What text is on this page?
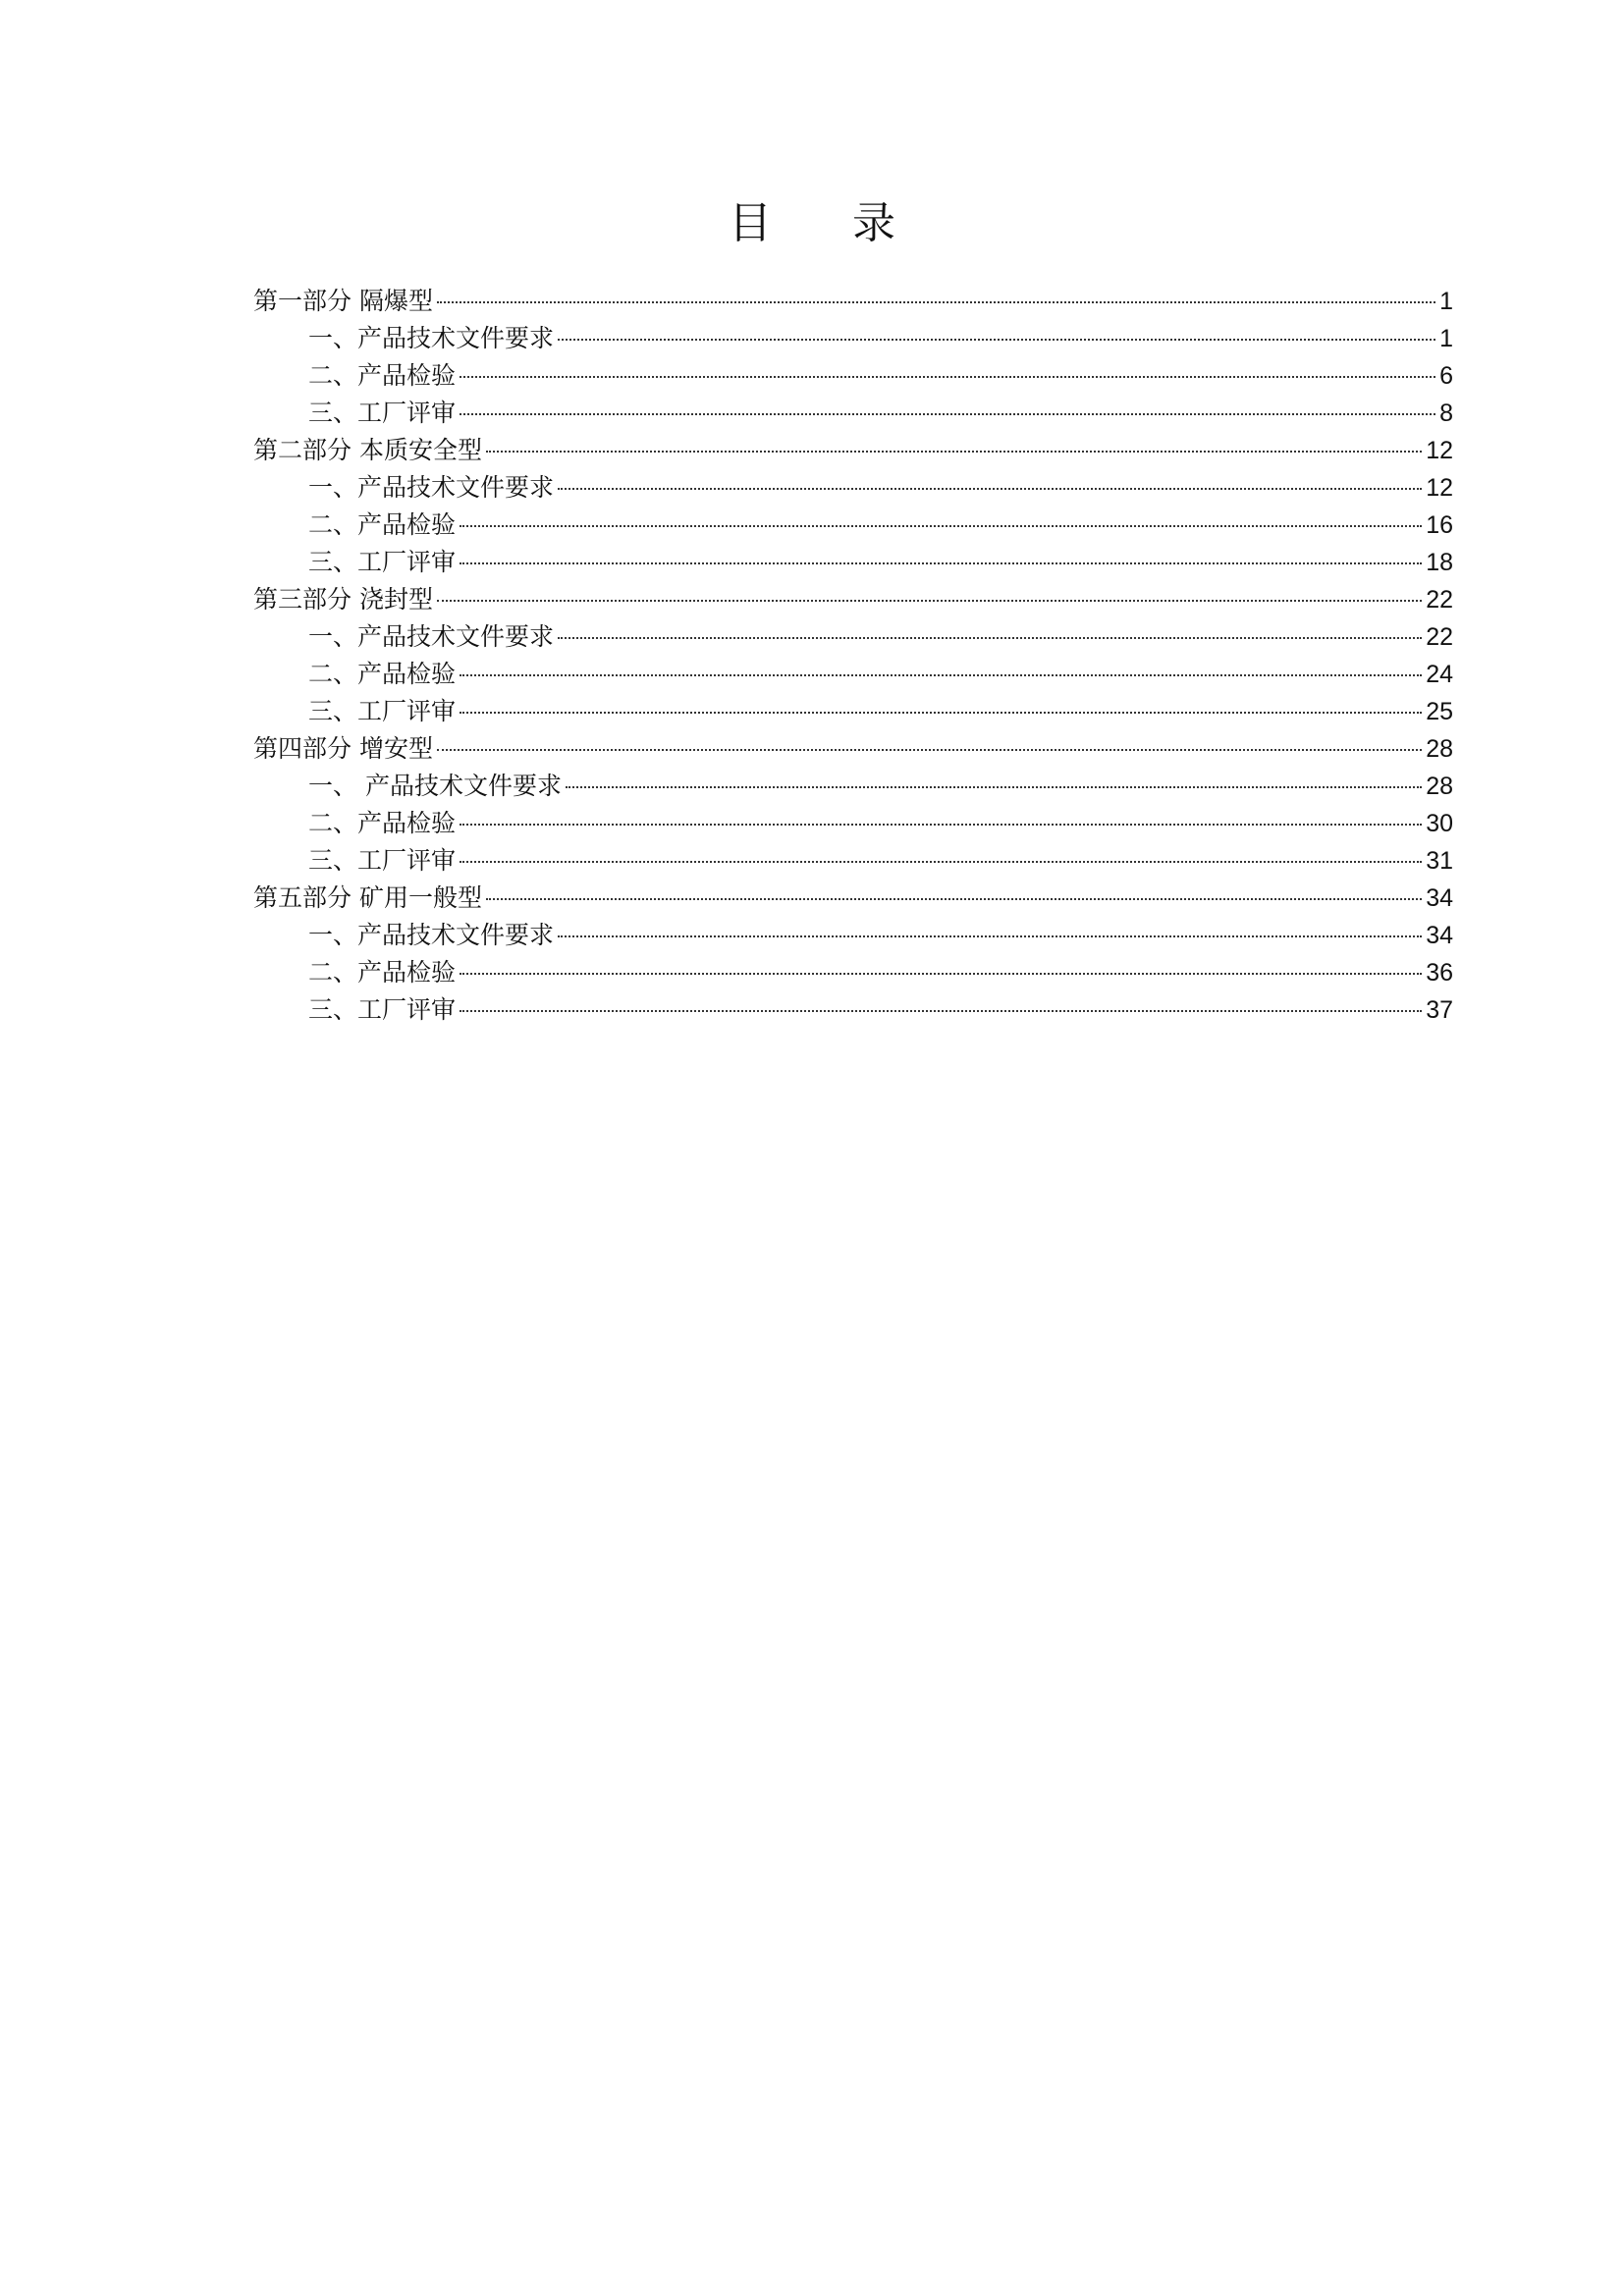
目 录
第一部分 隔爆型	1
一、产品技术文件要求	1
二、产品检验	6
三、工厂评审	8
第二部分 本质安全型	12
一、产品技术文件要求	12
二、产品检验	16
三、工厂评审	18
第三部分 浇封型	22
一、产品技术文件要求	22
二、产品检验	24
三、工厂评审	25
第四部分 增安型	28
一、 产品技术文件要求	28
二、产品检验	30
三、工厂评审	31
第五部分 矿用一般型	34
一、产品技术文件要求	34
二、产品检验	36
三、工厂评审	37
